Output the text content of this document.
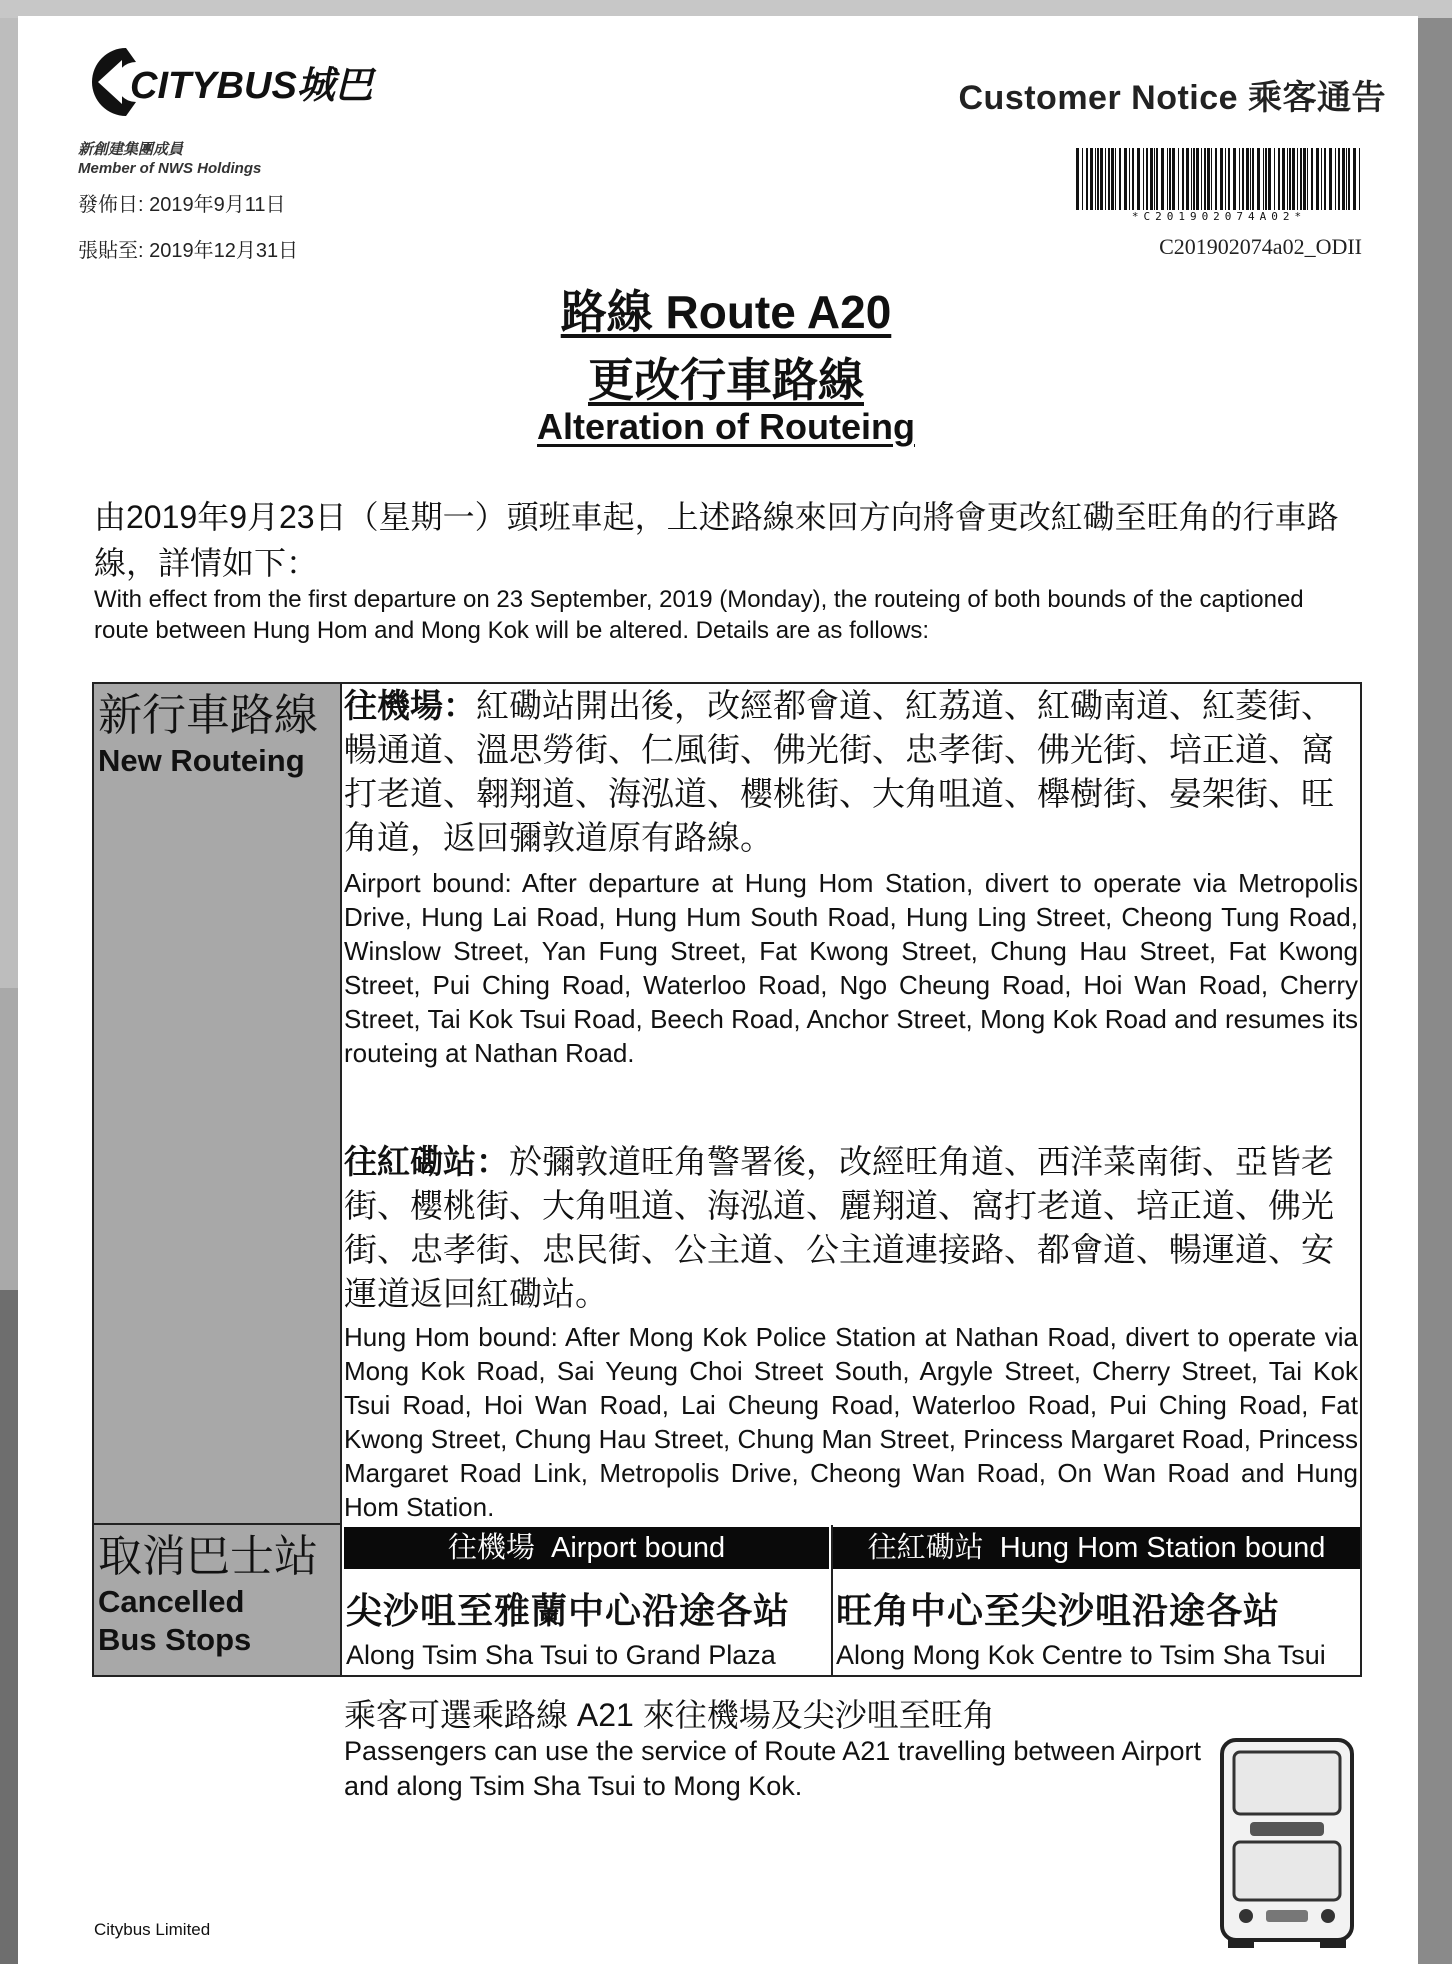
CITYBUS城巴
新創建集團成員
Member of NWS Holdings
發佈日: 2019年9月11日
張貼至: 2019年12月31日
Customer Notice 乘客通告
*C201902074A02*
C201902074a02_ODII
路線 Route A20
更改行車路線
Alteration of Routeing
由2019年9月23日（星期一）頭班車起，上述路線來回方向將會更改紅磡至旺角的行車路線，詳情如下：
With effect from the first departure on 23 September, 2019 (Monday), the routeing of both bounds of the captioned route between Hung Hom and Mong Kok will be altered. Details are as follows:
新行車路線
New Routeing
取消巴士站
Cancelled
Bus Stops
往機場：紅磡站開出後，改經都會道、紅荔道、紅磡南道、紅菱街、暢通道、溫思勞街、仁風街、佛光街、忠孝街、佛光街、培正道、窩打老道、翱翔道、海泓道、櫻桃街、大角咀道、櫸樹街、晏架街、旺角道，返回彌敦道原有路線。
Airport bound: After departure at Hung Hom Station, divert to operate via Metropolis Drive, Hung Lai Road, Hung Hum South Road, Hung Ling Street, Cheong Tung Road, Winslow Street, Yan Fung Street, Fat Kwong Street, Chung Hau Street, Fat Kwong Street, Pui Ching Road, Waterloo Road, Ngo Cheung Road, Hoi Wan Road, Cherry Street, Tai Kok Tsui Road, Beech Road, Anchor Street, Mong Kok Road and resumes its routeing at Nathan Road.
往紅磡站：於彌敦道旺角警署後，改經旺角道、西洋菜南街、亞皆老街、櫻桃街、大角咀道、海泓道、麗翔道、窩打老道、培正道、佛光街、忠孝街、忠民街、公主道、公主道連接路、都會道、暢運道、安運道返回紅磡站。
Hung Hom bound: After Mong Kok Police Station at Nathan Road, divert to operate via Mong Kok Road, Sai Yeung Choi Street South, Argyle Street, Cherry Street, Tai Kok Tsui Road, Hoi Wan Road, Lai Cheung Road, Waterloo Road, Pui Ching Road, Fat Kwong Street, Chung Hau Street, Chung Man Street, Princess Margaret Road, Princess Margaret Road Link, Metropolis Drive, Cheong Wan Road, On Wan Road and Hung Hom Station.
往機場 Airport bound	往紅磡站 Hung Hom Station bound
尖沙咀至雅蘭中心沿途各站
Along Tsim Sha Tsui to Grand Plaza
旺角中心至尖沙咀沿途各站
Along Mong Kok Centre to Tsim Sha Tsui
乘客可選乘路線 A21 來往機場及尖沙咀至旺角
Passengers can use the service of Route A21 travelling between Airport and along Tsim Sha Tsui to Mong Kok.
Citybus Limited
